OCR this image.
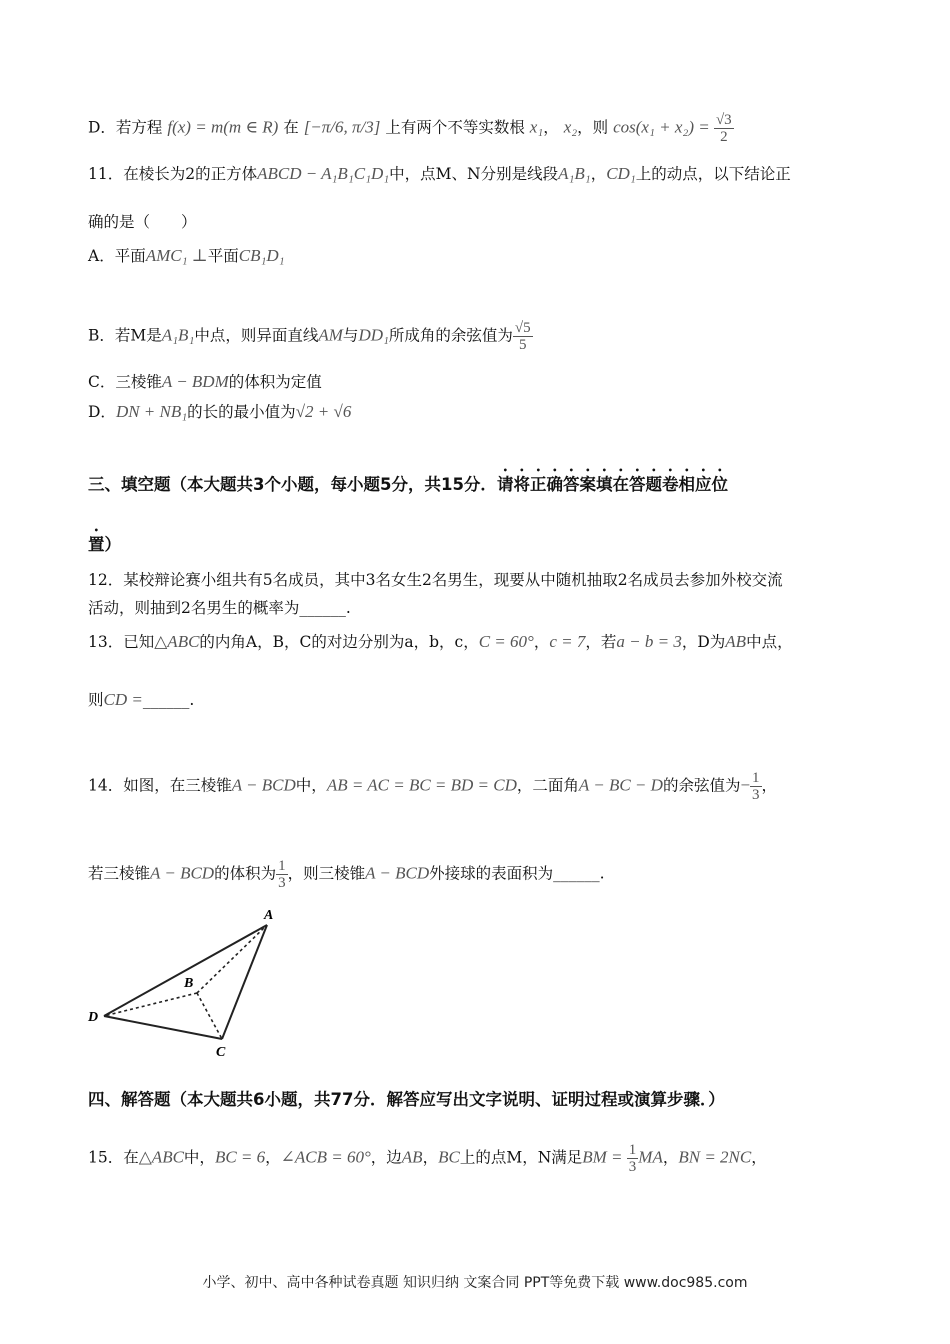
D．若方程 f(x) = m(m ∈ R) 在 [−π/6, π/3] 上有两个不等实数根 x₁， x₂，则 $\cos(x_1 + x_2) = \frac{√3}{2}$
11．在棱长为2的正方体ABCD − A₁B₁C₁D₁中，点M、N分别是线段A₁B₁，CD₁上的动点，以下结论正
确的是（　　）
A．平面AMC₁ ⊥平面CB₁D₁
B．若M是A₁B₁中点，则异面直线AM与DD₁所成角的余弦值为 $\frac{√5}{5}$
C．三棱锥A − BDM的体积为定值
D．DN + NB₁的长的最小值为√2 + √6
三、填空题（本大题共3个小题，每小题5分，共15分．请将正确答案填在答题卷相应位
置）
12．某校辩论赛小组共有5名成员，其中3名女生2名男生，现要从中随机抽取2名成员去参加外校交流
活动，则抽到2名男生的概率为______.
13．已知△ABC的内角A，B，C的对边分别为a，b，c，C = 60°，c = 7，若a − b = 3，D为AB中点，
则CD =______.
14．如图，在三棱锥A − BCD中，AB = AC = BC = BD = CD，二面角A − BC − D的余弦值为− $\frac{1}{3}$ ，
若三棱锥A − BCD的体积为 $\frac{1}{3}$ ，则三棱锥A − BCD外接球的表面积为______.
A
B
C
D
四、解答题（本大题共6小题，共77分．解答应写出文字说明、证明过程或演算步骤．）
15．在△ABC中，BC = 6，∠ACB = 60°，边AB，BC上的点M，N满足BM = $\frac{1}{3}$ MA，BN = 2NC，
小学、初中、高中各种试卷真题 知识归纳 文案合同 PPT等免费下载 www.doc985.com
